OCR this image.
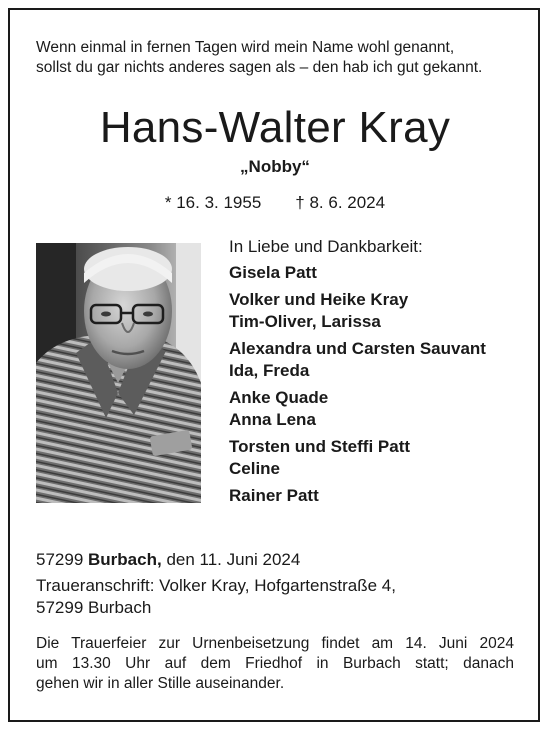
Wenn einmal in fernen Tagen wird mein Name wohl genannt,
sollst du gar nichts anderes sagen als – den hab ich gut gekannt.
Hans-Walter Kray
„Nobby“
* 16. 3. 1955 † 8. 6. 2024
In Liebe und Dankbarkeit:
Gisela Patt
Volker und Heike Kray
Tim-Oliver, Larissa
Alexandra und Carsten Sauvant
Ida, Freda
Anke Quade
Anna Lena
Torsten und Steffi Patt
Celine
Rainer Patt
57299 Burbach, den 11. Juni 2024
Traueranschrift: Volker Kray, Hofgartenstraße 4,
57299 Burbach
Die Trauerfeier zur Urnenbeisetzung findet am 14. Juni 2024
um 13.30 Uhr auf dem Friedhof in Burbach statt; danach
gehen wir in aller Stille auseinander.
